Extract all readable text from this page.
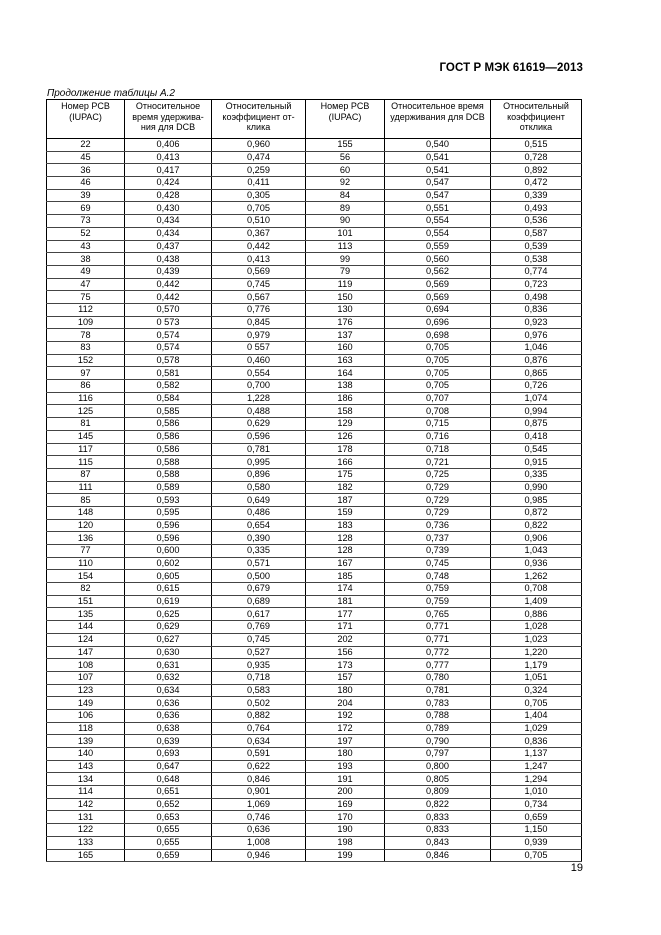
ГОСТ Р МЭК 61619—2013
Продолжение таблицы А.2
Номер PCB (IUPAC)	Относительное время удержива-ния для DCB	Относительный коэффициент от-клика	Номер PCB (IUPAC)	Относительное время удерживания для DCB	Относительный коэффициент отклика
22	0,406	0,960	155	0,540	0,515
45	0,413	0,474	56	0,541	0,728
36	0,417	0,259	60	0,541	0,892
46	0,424	0,411	92	0,547	0,472
39	0,428	0,305	84	0,547	0,339
69	0,430	0,705	89	0,551	0,493
73	0,434	0,510	90	0,554	0,536
52	0,434	0,367	101	0,554	0,587
43	0,437	0,442	113	0,559	0,539
38	0,438	0,413	99	0,560	0,538
49	0,439	0,569	79	0,562	0,774
47	0,442	0,745	119	0,569	0,723
75	0,442	0,567	150	0,569	0,498
112	0,570	0,776	130	0,694	0,836
109	0 573	0,845	176	0,696	0,923
78	0,574	0,979	137	0,698	0,976
83	0,574	0 557	160	0,705	1,046
152	0,578	0,460	163	0,705	0,876
97	0,581	0,554	164	0,705	0,865
86	0,582	0,700	138	0,705	0,726
116	0,584	1,228	186	0,707	1,074
125	0,585	0,488	158	0,708	0,994
81	0,586	0,629	129	0,715	0,875
145	0,586	0,596	126	0,716	0,418
117	0,586	0,781	178	0,718	0,545
115	0,588	0,995	166	0,721	0,915
87	0,588	0,896	175	0,725	0,335
111	0,589	0,580	182	0,729	0,990
85	0,593	0,649	187	0,729	0,985
148	0,595	0,486	159	0,729	0,872
120	0,596	0,654	183	0,736	0,822
136	0,596	0,390	128	0,737	0,906
77	0,600	0,335	128	0,739	1,043
110	0,602	0,571	167	0,745	0,936
154	0,605	0,500	185	0,748	1,262
82	0,615	0,679	174	0,759	0,708
151	0,619	0,689	181	0,759	1,409
135	0,625	0,617	177	0,765	0,886
144	0,629	0,769	171	0,771	1,028
124	0,627	0,745	202	0,771	1,023
147	0,630	0,527	156	0,772	1,220
108	0,631	0,935	173	0,777	1,179
107	0,632	0,718	157	0,780	1,051
123	0,634	0,583	180	0,781	0,324
149	0,636	0,502	204	0,783	0,705
106	0,636	0,882	192	0,788	1,404
118	0,638	0,764	172	0,789	1,029
139	0,639	0,634	197	0,790	0,836
140	0,693	0,591	180	0,797	1,137
143	0,647	0,622	193	0,800	1,247
134	0,648	0,846	191	0,805	1,294
114	0,651	0,901	200	0,809	1,010
142	0,652	1,069	169	0,822	0,734
131	0,653	0,746	170	0,833	0,659
122	0,655	0,636	190	0,833	1,150
133	0,655	1,008	198	0,843	0,939
165	0,659	0,946	199	0,846	0,705
19
